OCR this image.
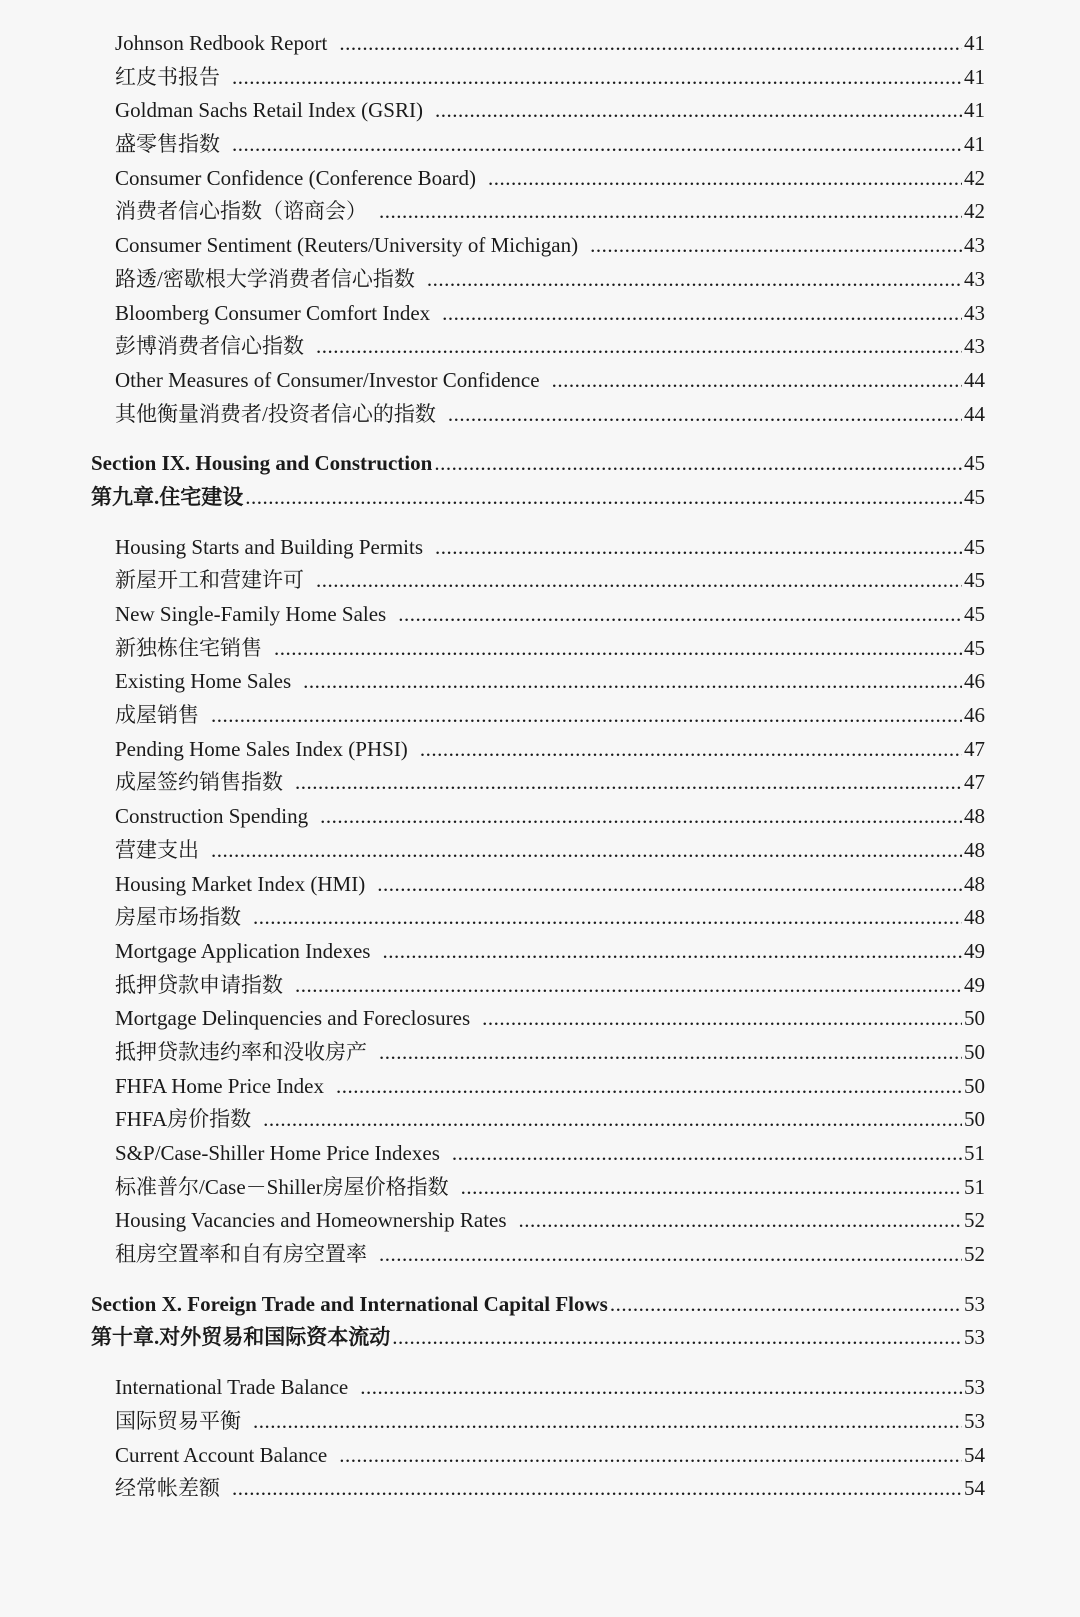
Johnson Redbook Report .....	41
红皮书报告 .....	41
Goldman Sachs Retail Index (GSRI) .....	41
盛零售指数 .....	41
Consumer Confidence (Conference Board) .....	42
消费者信心指数（谘商会） .....	42
Consumer Sentiment (Reuters/University of Michigan) .....	43
路透/密歇根大学消费者信心指数 .....	43
Bloomberg Consumer Comfort Index .....	43
彭博消费者信心指数 .....	43
Other Measures of Consumer/Investor Confidence .....	44
其他衡量消费者/投资者信心的指数 .....	44
Section IX. Housing and Construction .....	45
第九章.住宅建设 .....	45
Housing Starts and Building Permits .....	45
新屋开工和营建许可 .....	45
New Single-Family Home Sales .....	45
新独栋住宅销售 .....	45
Existing Home Sales .....	46
成屋销售 .....	46
Pending Home Sales Index (PHSI) .....	47
成屋签约销售指数 .....	47
Construction Spending .....	48
营建支出 .....	48
Housing Market Index (HMI) .....	48
房屋市场指数 .....	48
Mortgage Application Indexes .....	49
抵押贷款申请指数 .....	49
Mortgage Delinquencies and Foreclosures .....	50
抵押贷款违约率和没收房产 .....	50
FHFA Home Price Index .....	50
FHFA房价指数 .....	50
S&P/Case-Shiller Home Price Indexes .....	51
标准普尔/Case－Shiller房屋价格指数 .....	51
Housing Vacancies and Homeownership Rates .....	52
租房空置率和自有房空置率 .....	52
Section X. Foreign Trade and International Capital Flows .....	53
第十章.对外贸易和国际资本流动 .....	53
International Trade Balance .....	53
国际贸易平衡 .....	53
Current Account Balance .....	54
经常帐差额 .....	54
